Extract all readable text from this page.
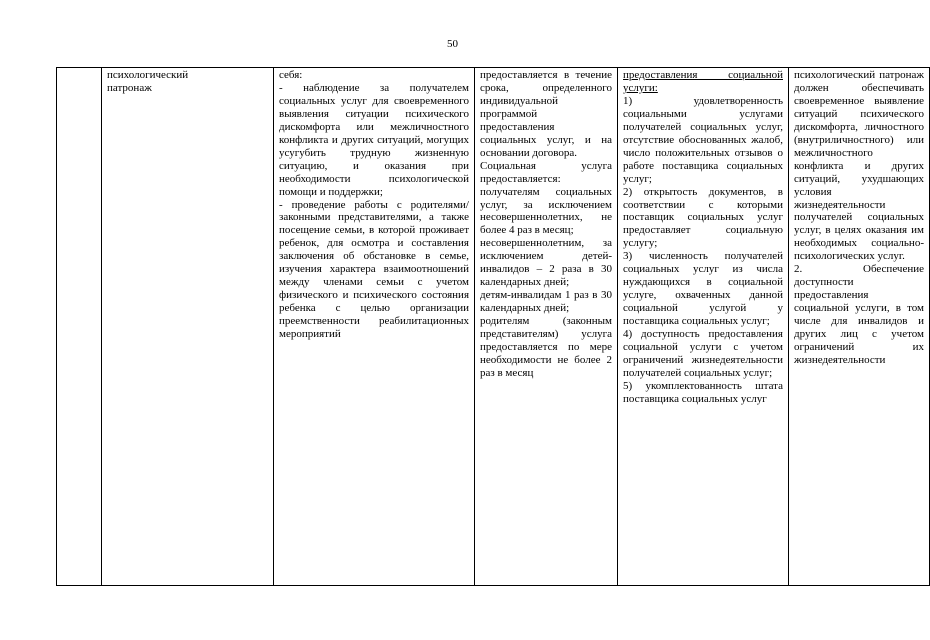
50

психологический
патронаж

себя:
- наблюдение за получателем социальных услуг для своевременного выявления ситуации психического дискомфорта или межличностного конфликта и других ситуаций, могущих усугубить трудную жизненную ситуацию, и оказания при необходимости психологической помощи и поддержки;
- проведение работы с родителями/законными представителями, а также посещение семьи, в которой проживает ребенок, для осмотра и составления заключения об обстановке в семье, изучения характера взаимоотношений между членами семьи с учетом физического и психического состояния ребенка с целью организации преемственности реабилитационных мероприятий

предоставляется в течение срока, определенного индивидуальной программой предоставления социальных услуг, и на основании договора.
Социальная услуга предоставляется:
получателям социальных услуг, за исключением несовершеннолетних, не более 4 раз в месяц;
несовершеннолетним, за исключением детей-инвалидов – 2 раза в 30 календарных дней;
детям-инвалидам 1 раз в 30 календарных дней;
родителям (законным представителям) услуга предоставляется по мере необходимости не более 2 раз в месяц

предоставления социальной услуги:
1) удовлетворенность социальными услугами получателей социальных услуг, отсутствие обоснованных жалоб, число положительных отзывов о работе поставщика социальных услуг;
2) открытость документов, в соответствии с которыми поставщик социальных услуг предоставляет социальную услугу;
3) численность получателей социальных услуг из числа нуждающихся в социальной услуге, охваченных данной социальной услугой у поставщика социальных услуг;
4) доступность предоставления социальной услуги с учетом ограничений жизнедеятельности получателей социальных услуг;
5) укомплектованность штата поставщика социальных услуг

психологический патронаж должен обеспечивать своевременное выявление ситуаций психического дискомфорта, личностного (внутриличностного) или межличностного конфликта и других ситуаций, ухудшающих условия жизнедеятельности получателей социальных услуг, в целях оказания им необходимых социально-психологических услуг.
2. Обеспечение доступности предоставления социальной услуги, в том числе для инвалидов и других лиц с учетом ограничений их жизнедеятельности
